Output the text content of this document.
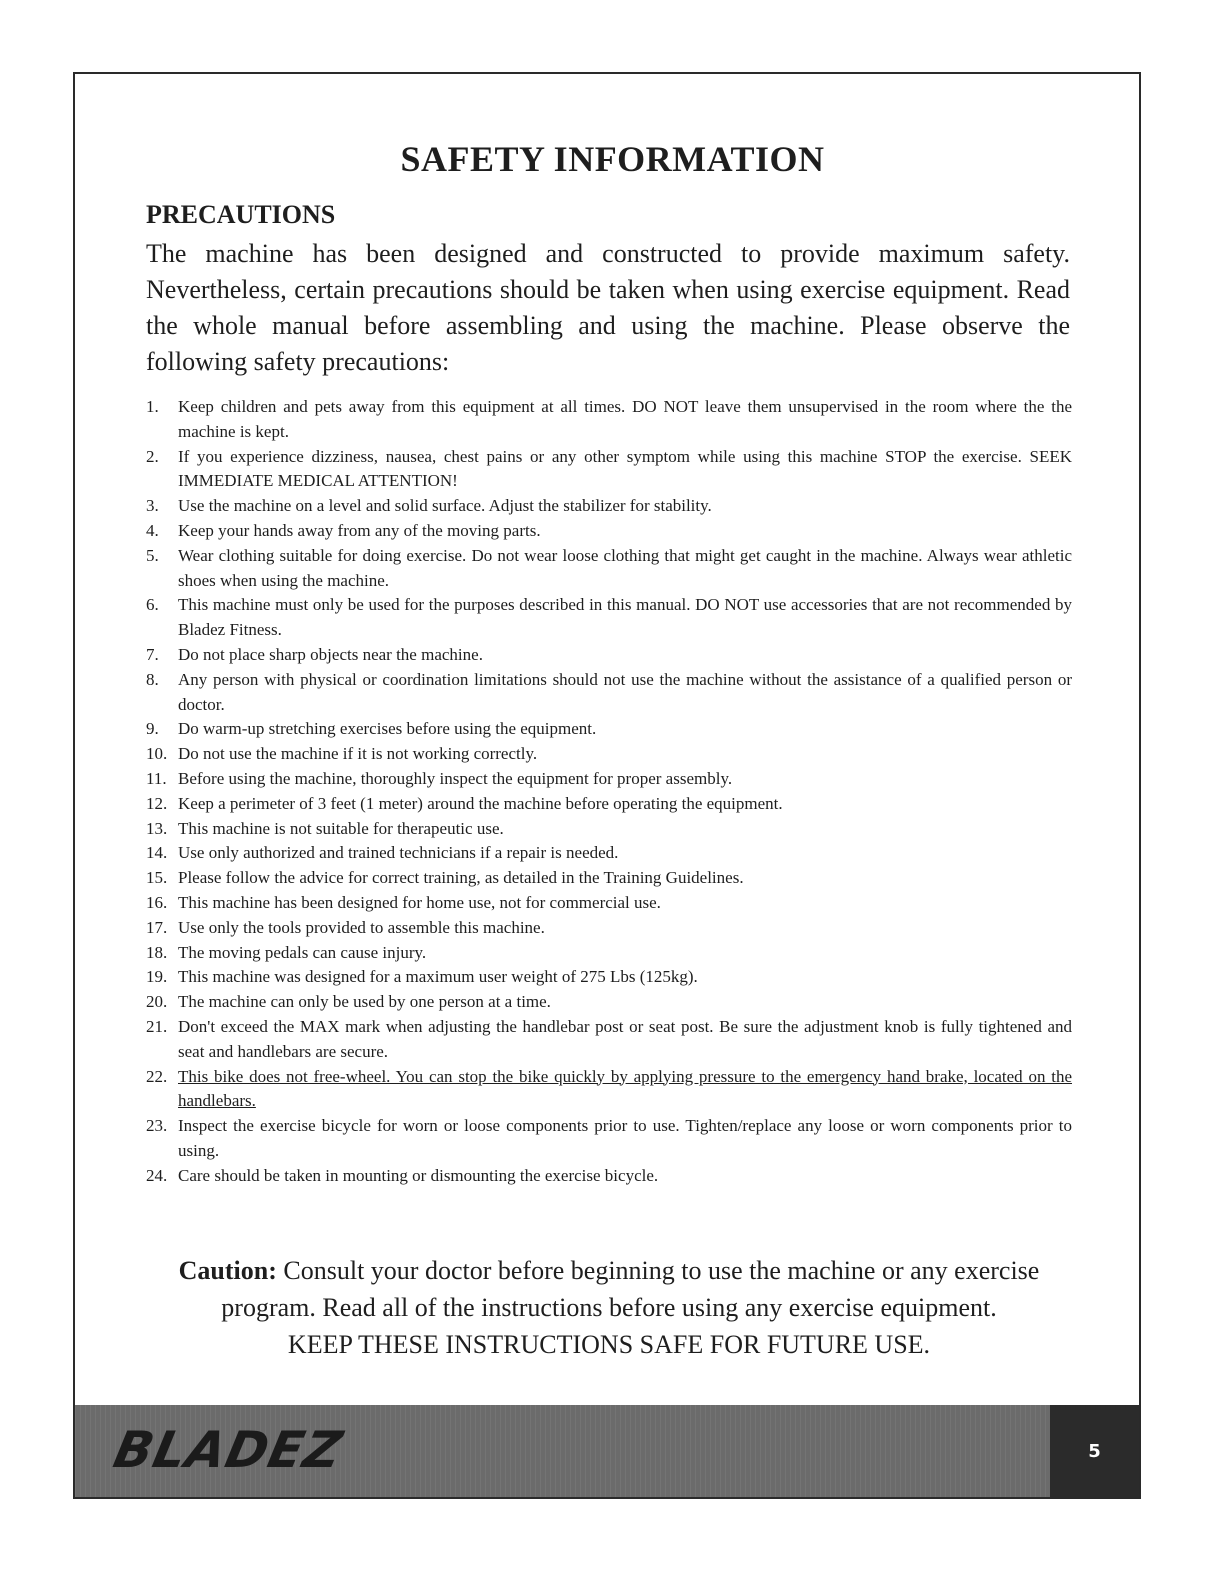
SAFETY INFORMATION
PRECAUTIONS

The machine has been designed and constructed to provide maximum safety. Nevertheless, certain precautions should be taken when using exercise equipment. Read the whole manual before assembling and using the machine. Please observe the following safety precautions:

1.	Keep children and pets away from this equipment at all times. DO NOT leave them unsupervised in the room where the the machine is kept.
2.	If you experience dizziness, nausea, chest pains or any other symptom while using this machine STOP the exercise. SEEK IMMEDIATE MEDICAL ATTENTION!
3.	Use the machine on a level and solid surface. Adjust the stabilizer for stability.
4.	Keep your hands away from any of the moving parts.
5.	Wear clothing suitable for doing exercise. Do not wear loose clothing that might get caught in the machine. Always wear athletic shoes when using the machine.
6.	This machine must only be used for the purposes described in this manual. DO NOT use accessories that are not recommended by Bladez Fitness.
7.	Do not place sharp objects near the machine.
8.	Any person with physical or coordination limitations should not use the machine without the assistance of a qualified person or doctor.
9.	Do warm-up stretching exercises before using the equipment.
10. Do not use the machine if it is not working correctly.
11. Before using the machine, thoroughly inspect the equipment for proper assembly.
12. Keep a perimeter of 3 feet (1 meter) around the machine before operating the equipment.
13. This machine is not suitable for therapeutic use.
14. Use only authorized and trained technicians if a repair is needed.
15. Please follow the advice for correct training, as detailed in the Training Guidelines.
16. This machine has been designed for home use, not for commercial use.
17. Use only the tools provided to assemble this machine.
18. The moving pedals can cause injury.
19. This machine was designed for a maximum user weight of 275 Lbs (125kg).
20. The machine can only be used by one person at a time.
21. Don't exceed the MAX mark when adjusting the handlebar post or seat post. Be sure the adjustment knob is fully tightened and seat and handlebars are secure.
22. This bike does not free-wheel. You can stop the bike quickly by applying pressure to the emergency hand brake, located on the handlebars.
23. Inspect the exercise bicycle for worn or loose components prior to use. Tighten/replace any loose or worn components prior to using.
24. Care should be taken in mounting or dismounting the exercise bicycle.
Caution: Consult your doctor before beginning to use the machine or any exercise program. Read all of the instructions before using any exercise equipment.
KEEP THESE INSTRUCTIONS SAFE FOR FUTURE USE.
BLADEZ	5
